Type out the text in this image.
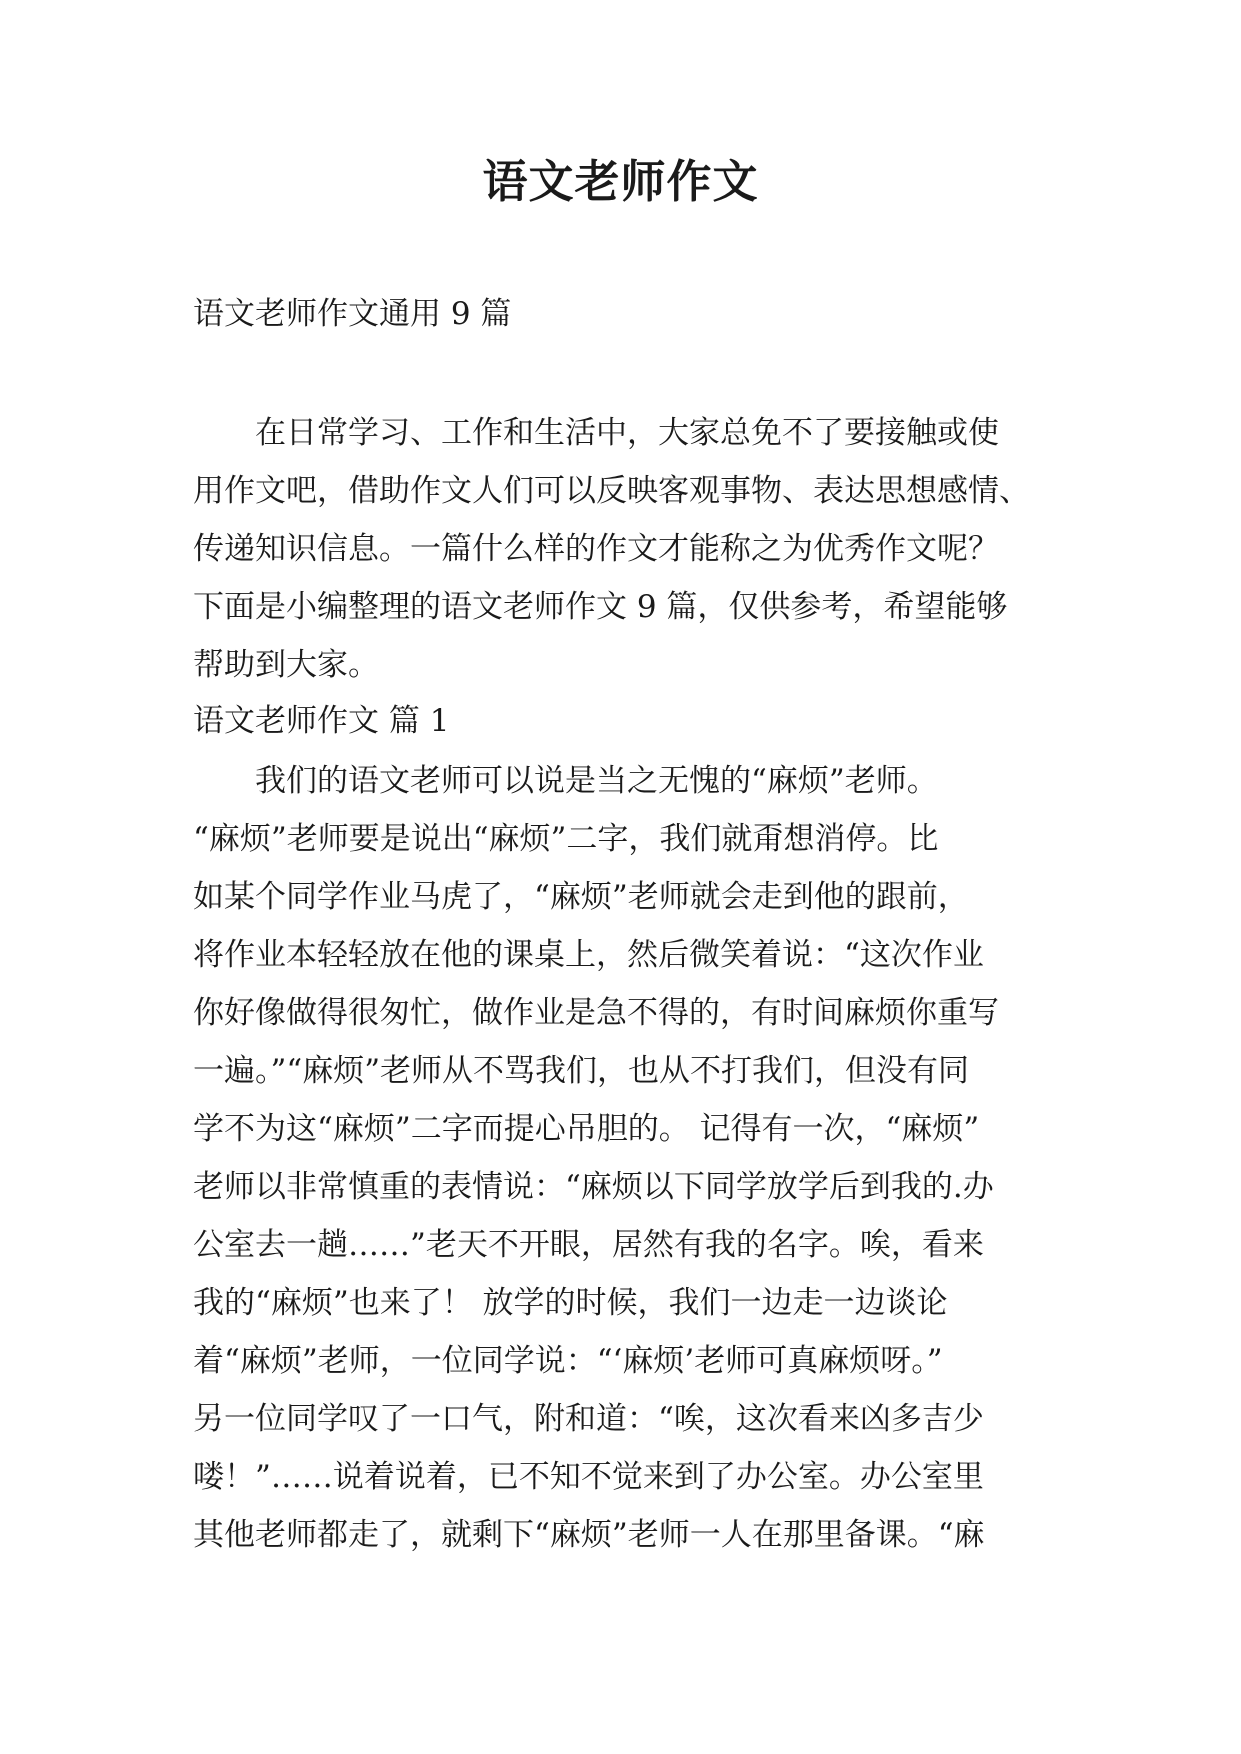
语文老师作文
语文老师作文通用 9 篇
　　在日常学习、工作和生活中，大家总免不了要接触或使
用作文吧，借助作文人们可以反映客观事物、表达思想感情、
传递知识信息。一篇什么样的作文才能称之为优秀作文呢？
下面是小编整理的语文老师作文 9 篇，仅供参考，希望能够
帮助到大家。
语文老师作文 篇 1
　　我们的语文老师可以说是当之无愧的“麻烦”老师。
“麻烦”老师要是说出“麻烦”二字，我们就甭想消停。比
如某个同学作业马虎了，“麻烦”老师就会走到他的跟前，
将作业本轻轻放在他的课桌上，然后微笑着说：“这次作业
你好像做得很匆忙，做作业是急不得的，有时间麻烦你重写
一遍。”“麻烦”老师从不骂我们，也从不打我们，但没有同
学不为这“麻烦”二字而提心吊胆的。 记得有一次，“麻烦”
老师以非常慎重的表情说：“麻烦以下同学放学后到我的.办
公室去一趟……”老天不开眼，居然有我的名字。唉，看来
我的“麻烦”也来了！ 放学的时候，我们一边走一边谈论
着“麻烦”老师，一位同学说：“‘麻烦’老师可真麻烦呀。”
另一位同学叹了一口气，附和道：“唉，这次看来凶多吉少
喽！”……说着说着，已不知不觉来到了办公室。办公室里
其他老师都走了，就剩下“麻烦”老师一人在那里备课。“麻
